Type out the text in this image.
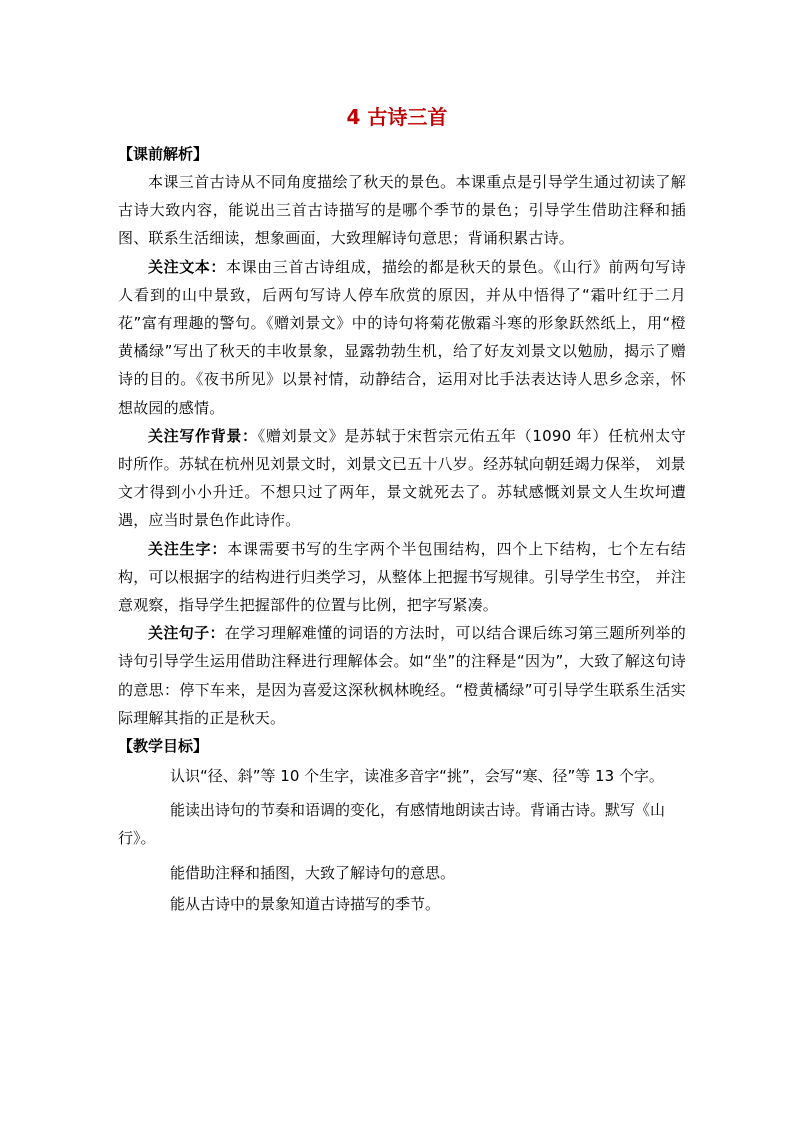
4 古诗三首

【课前解析】

本课三首古诗从不同角度描绘了秋天的景色。本课重点是引导学生通过初读了解古诗大致内容，能说出三首古诗描写的是哪个季节的景色；引导学生借助注释和插图、联系生活细读，想象画面，大致理解诗句意思；背诵积累古诗。

关注文本：本课由三首古诗组成，描绘的都是秋天的景色。《山行》前两句写诗人看到的山中景致，后两句写诗人停车欣赏的原因，并从中悟得了“霜叶红于二月花”富有理趣的警句。《赠刘景文》中的诗句将菊花傲霜斗寒的形象跃然纸上，用“橙黄橘绿”写出了秋天的丰收景象，显露勃勃生机，给了好友刘景文以勉励，揭示了赠诗的目的。《夜书所见》以景衬情，动静结合，运用对比手法表达诗人思乡念亲，怀想故园的感情。

关注写作背景：《赠刘景文》是苏轼于宋哲宗元佑五年（1090 年）任杭州太守时所作。苏轼在杭州见刘景文时，刘景文已五十八岁。经苏轼向朝廷竭力保举， 刘景文才得到小小升迁。不想只过了两年，景文就死去了。苏轼感慨刘景文人生坎坷遭遇，应当时景色作此诗作。

关注生字：本课需要书写的生字两个半包围结构，四个上下结构，七个左右结构，可以根据字的结构进行归类学习，从整体上把握书写规律。引导学生书空， 并注意观察，指导学生把握部件的位置与比例，把字写紧凑。

关注句子：在学习理解难懂的词语的方法时，可以结合课后练习第三题所列举的诗句引导学生运用借助注释进行理解体会。如“坐”的注释是“因为”，大致了解这句诗的意思：停下车来，是因为喜爱这深秋枫林晚经。“橙黄橘绿”可引导学生联系生活实际理解其指的正是秋天。

【教学目标】

认识“径、斜”等 10 个生字，读准多音字“挑”，会写“寒、径”等 13 个字。

能读出诗句的节奏和语调的变化，有感情地朗读古诗。背诵古诗。默写《山行》。

能借助注释和插图，大致了解诗句的意思。

能从古诗中的景象知道古诗描写的季节。
